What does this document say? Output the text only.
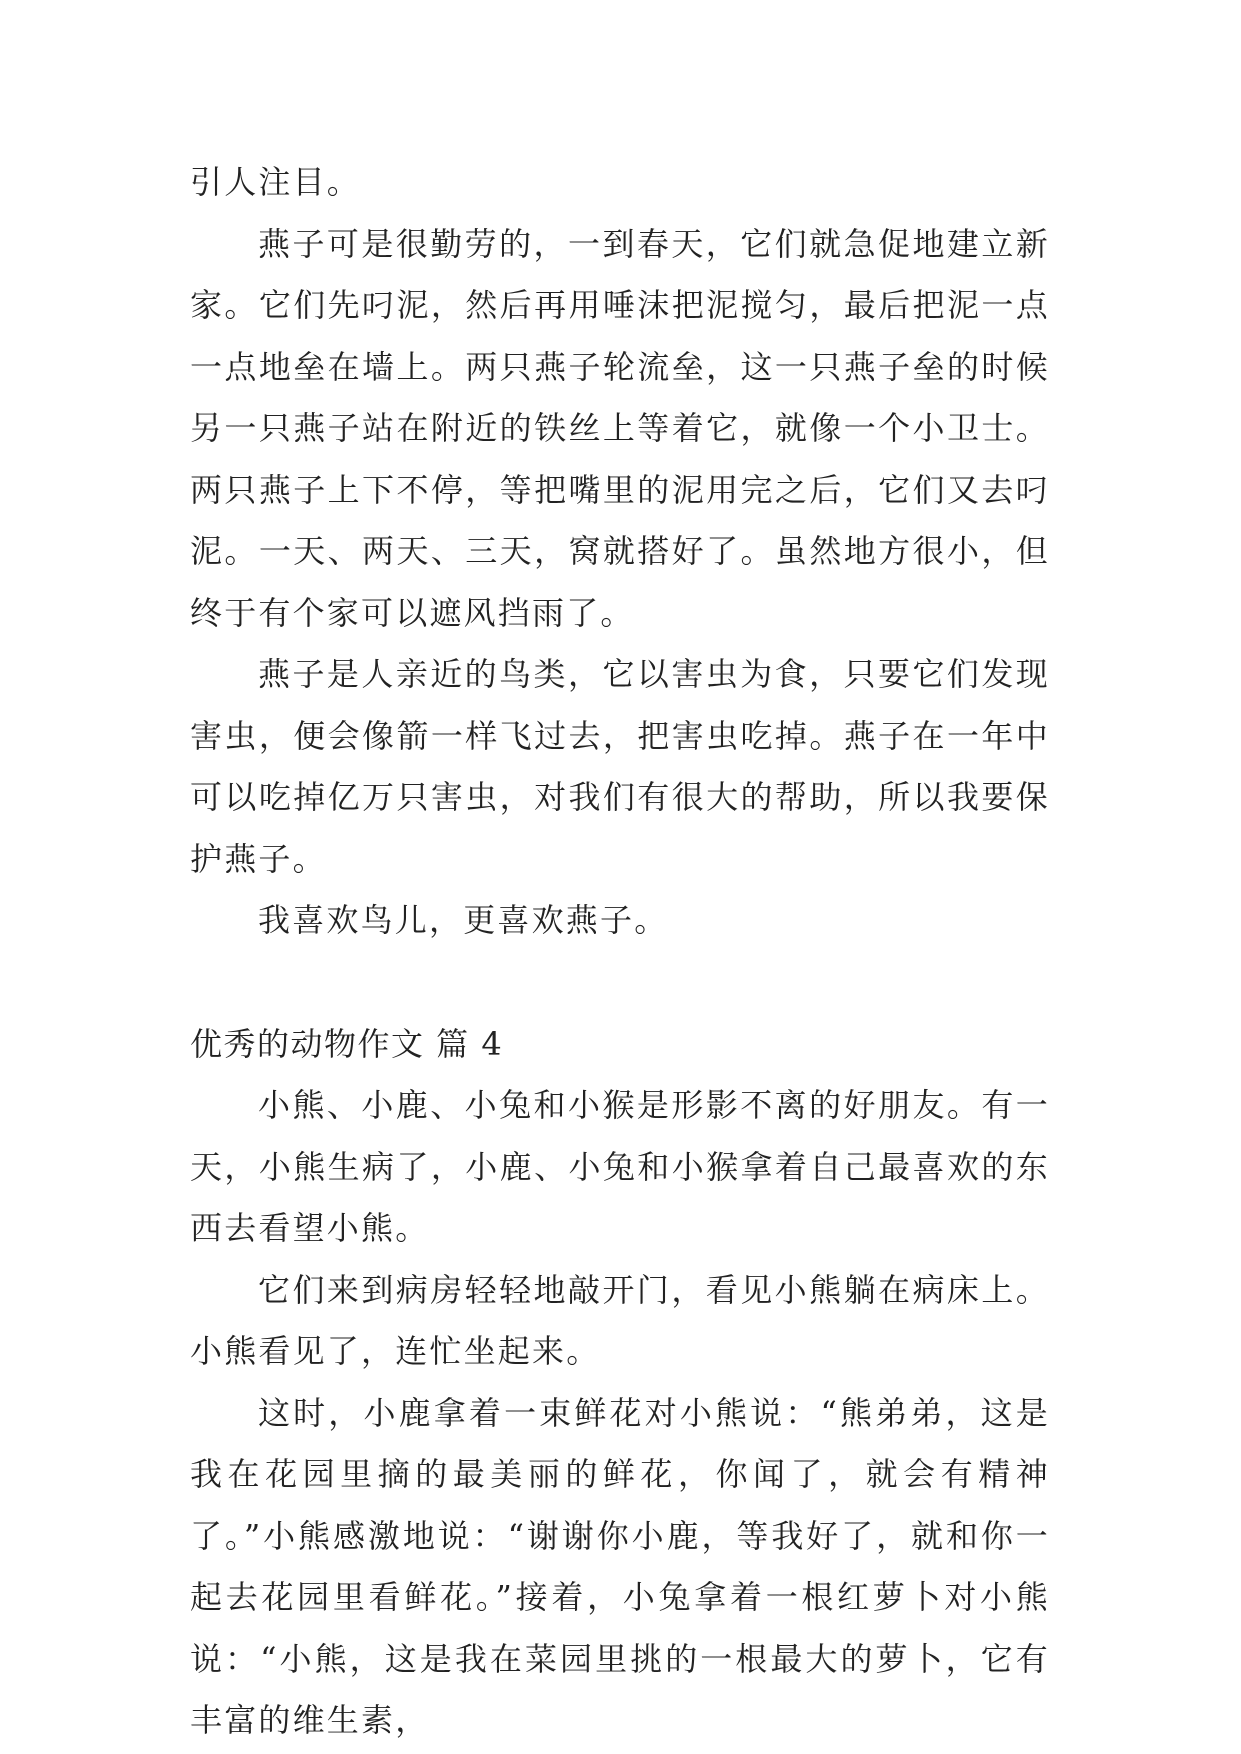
引人注目。

燕子可是很勤劳的，一到春天，它们就急促地建立新家。它们先叼泥，然后再用唾沫把泥搅匀，最后把泥一点一点地垒在墙上。两只燕子轮流垒，这一只燕子垒的时候另一只燕子站在附近的铁丝上等着它，就像一个小卫士。两只燕子上下不停，等把嘴里的泥用完之后，它们又去叼泥。一天、两天、三天，窝就搭好了。虽然地方很小，但终于有个家可以遮风挡雨了。

燕子是人亲近的鸟类，它以害虫为食，只要它们发现害虫，便会像箭一样飞过去，把害虫吃掉。燕子在一年中可以吃掉亿万只害虫，对我们有很大的帮助，所以我要保护燕子。

我喜欢鸟儿，更喜欢燕子。

优秀的动物作文 篇 4

小熊、小鹿、小兔和小猴是形影不离的好朋友。有一天，小熊生病了，小鹿、小兔和小猴拿着自己最喜欢的东西去看望小熊。

它们来到病房轻轻地敲开门，看见小熊躺在病床上。小熊看见了，连忙坐起来。

这时，小鹿拿着一束鲜花对小熊说：“熊弟弟，这是我在花园里摘的最美丽的鲜花，你闻了，就会有精神了。”小熊感激地说：“谢谢你小鹿，等我好了，就和你一起去花园里看鲜花。”接着，小兔拿着一根红萝卜对小熊说：“小熊，这是我在菜园里挑的一根最大的萝卜，它有丰富的维生素，
